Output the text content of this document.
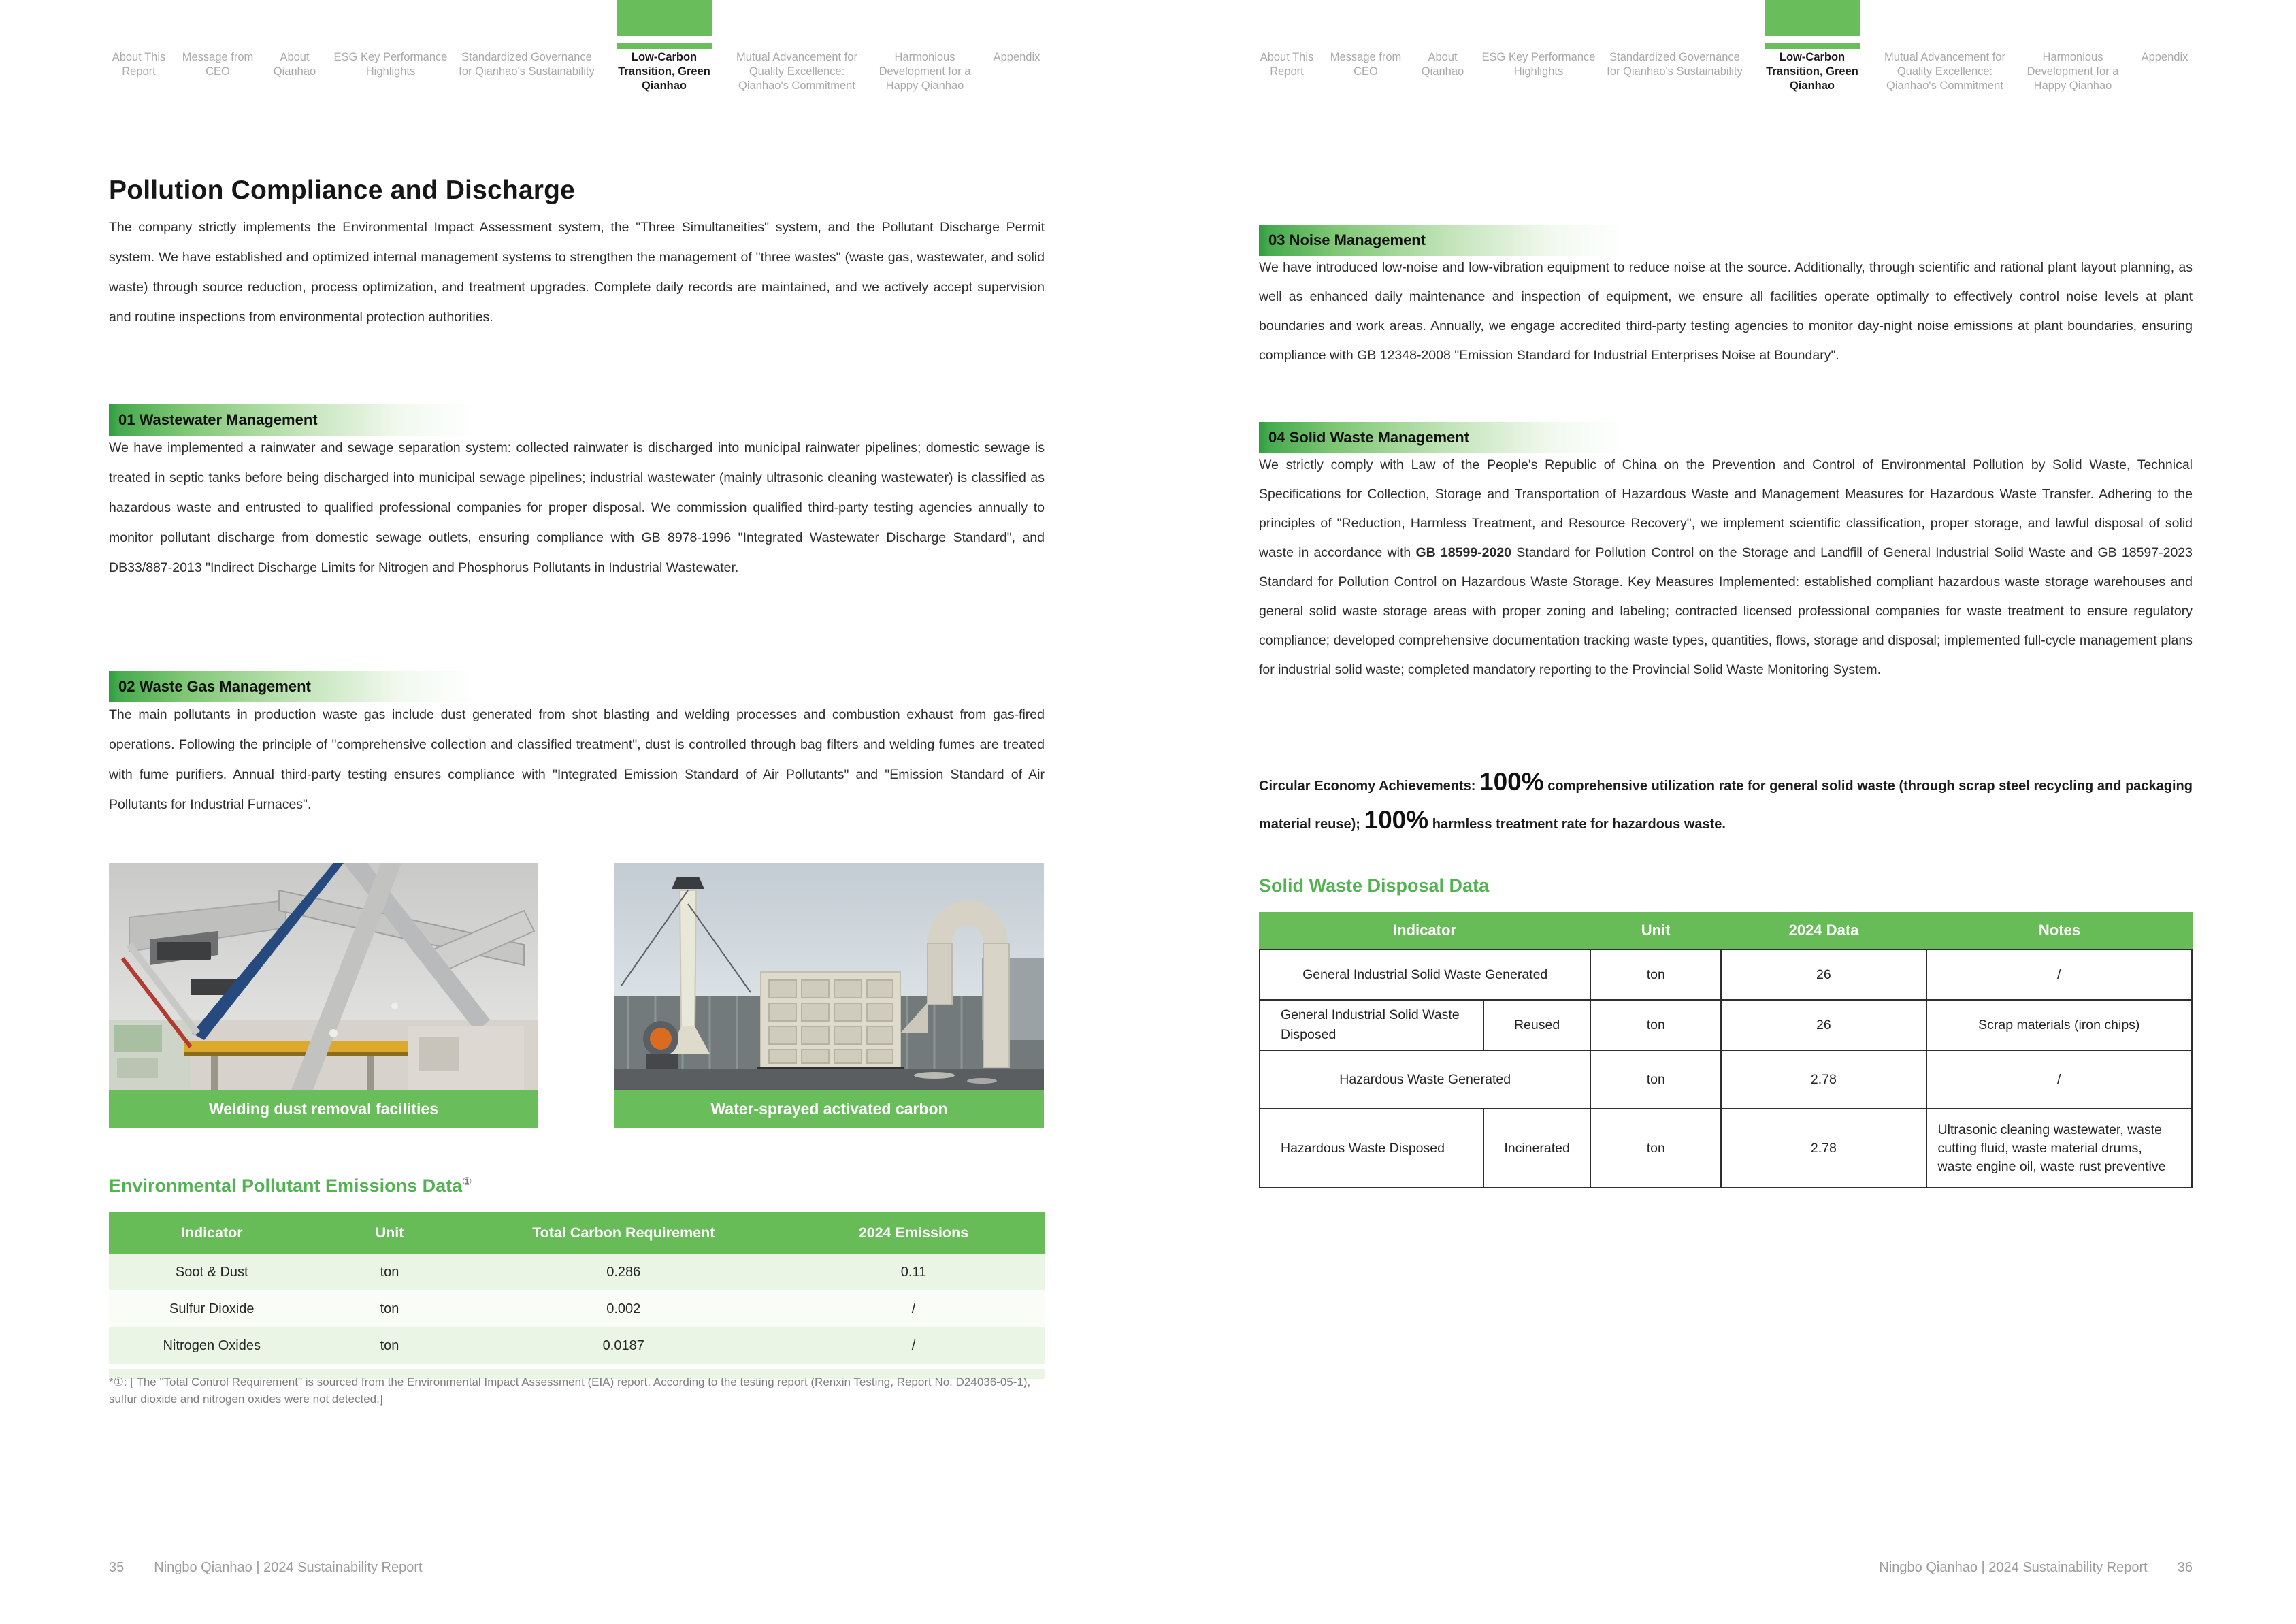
About This Report
Message from CEO
About Qianhao
ESG Key Performance Highlights
Standardized Governance for Qianhao's Sustainability
Low-Carbon Transition, Green Qianhao
Mutual Advancement for Quality Excellence: Qianhao's Commitment
Harmonious Development for a Happy Qianhao
Appendix
Pollution Compliance and Discharge

The company strictly implements the Environmental Impact Assessment system, the "Three Simultaneities" system, and the Pollutant Discharge Permit system. We have established and optimized internal management systems to strengthen the management of "three wastes" (waste gas, wastewater, and solid waste) through source reduction, process optimization, and treatment upgrades. Complete daily records are maintained, and we actively accept supervision and routine inspections from environmental protection authorities.

01 Wastewater Management

We have implemented a rainwater and sewage separation system: collected rainwater is discharged into municipal rainwater pipelines; domestic sewage is treated in septic tanks before being discharged into municipal sewage pipelines; industrial wastewater (mainly ultrasonic cleaning wastewater) is classified as hazardous waste and entrusted to qualified professional companies for proper disposal. We commission qualified third-party testing agencies annually to monitor pollutant discharge from domestic sewage outlets, ensuring compliance with GB 8978-1996 "Integrated Wastewater Discharge Standard", and DB33/887-2013 "Indirect Discharge Limits for Nitrogen and Phosphorus Pollutants in Industrial Wastewater.

02 Waste Gas Management

The main pollutants in production waste gas include dust generated from shot blasting and welding processes and combustion exhaust from gas-fired operations. Following the principle of "comprehensive collection and classified treatment", dust is controlled through bag filters and welding fumes are treated with fume purifiers. Annual third-party testing ensures compliance with "Integrated Emission Standard of Air Pollutants" and "Emission Standard of Air Pollutants for Industrial Furnaces".

Welding dust removal facilities	Water-sprayed activated carbon
Environmental Pollutant Emissions Data①
Indicator	Unit	Total Carbon Requirement	2024 Emissions
Soot & Dust	ton	0.286	0.11
Sulfur Dioxide	ton	0.002	/
Nitrogen Oxides	ton	0.0187	/

*①: [ The "Total Control Requirement" is sourced from the Environmental Impact Assessment (EIA) report. According to the testing report (Renxin Testing, Report No. D24036-05-1), sulfur dioxide and nitrogen oxides were not detected.]

35 Ningbo Qianhao | 2024 Sustainability Report
About This Report
Message from CEO
About Qianhao
ESG Key Performance Highlights
Standardized Governance for Qianhao's Sustainability
Low-Carbon Transition, Green Qianhao
Mutual Advancement for Quality Excellence: Qianhao's Commitment
Harmonious Development for a Happy Qianhao
Appendix
03 Noise Management

We have introduced low-noise and low-vibration equipment to reduce noise at the source. Additionally, through scientific and rational plant layout planning, as well as enhanced daily maintenance and inspection of equipment, we ensure all facilities operate optimally to effectively control noise levels at plant boundaries and work areas. Annually, we engage accredited third-party testing agencies to monitor day-night noise emissions at plant boundaries, ensuring compliance with GB 12348-2008 "Emission Standard for Industrial Enterprises Noise at Boundary".

04 Solid Waste Management

We strictly comply with Law of the People's Republic of China on the Prevention and Control of Environmental Pollution by Solid Waste, Technical Specifications for Collection, Storage and Transportation of Hazardous Waste and Management Measures for Hazardous Waste Transfer. Adhering to the principles of "Reduction, Harmless Treatment, and Resource Recovery", we implement scientific classification, proper storage, and lawful disposal of solid waste in accordance with GB 18599-2020 Standard for Pollution Control on the Storage and Landfill of General Industrial Solid Waste and GB 18597-2023 Standard for Pollution Control on Hazardous Waste Storage. Key Measures Implemented: established compliant hazardous waste storage warehouses and general solid waste storage areas with proper zoning and labeling; contracted licensed professional companies for waste treatment to ensure regulatory compliance; developed comprehensive documentation tracking waste types, quantities, flows, storage and disposal; implemented full-cycle management plans for industrial solid waste; completed mandatory reporting to the Provincial Solid Waste Monitoring System.

Circular Economy Achievements: 100% comprehensive utilization rate for general solid waste (through scrap steel recycling and packaging material reuse); 100% harmless treatment rate for hazardous waste.

Solid Waste Disposal Data
Indicator	Unit	2024 Data	Notes
General Industrial Solid Waste Generated		ton	26	/
General Industrial Solid Waste Disposed	Reused	ton	26	Scrap materials (iron chips)
Hazardous Waste Generated		ton	2.78	/
Hazardous Waste Disposed	Incinerated	ton	2.78	Ultrasonic cleaning wastewater, waste cutting fluid, waste material drums, waste engine oil, waste rust preventive
Ningbo Qianhao | 2024 Sustainability Report 36
